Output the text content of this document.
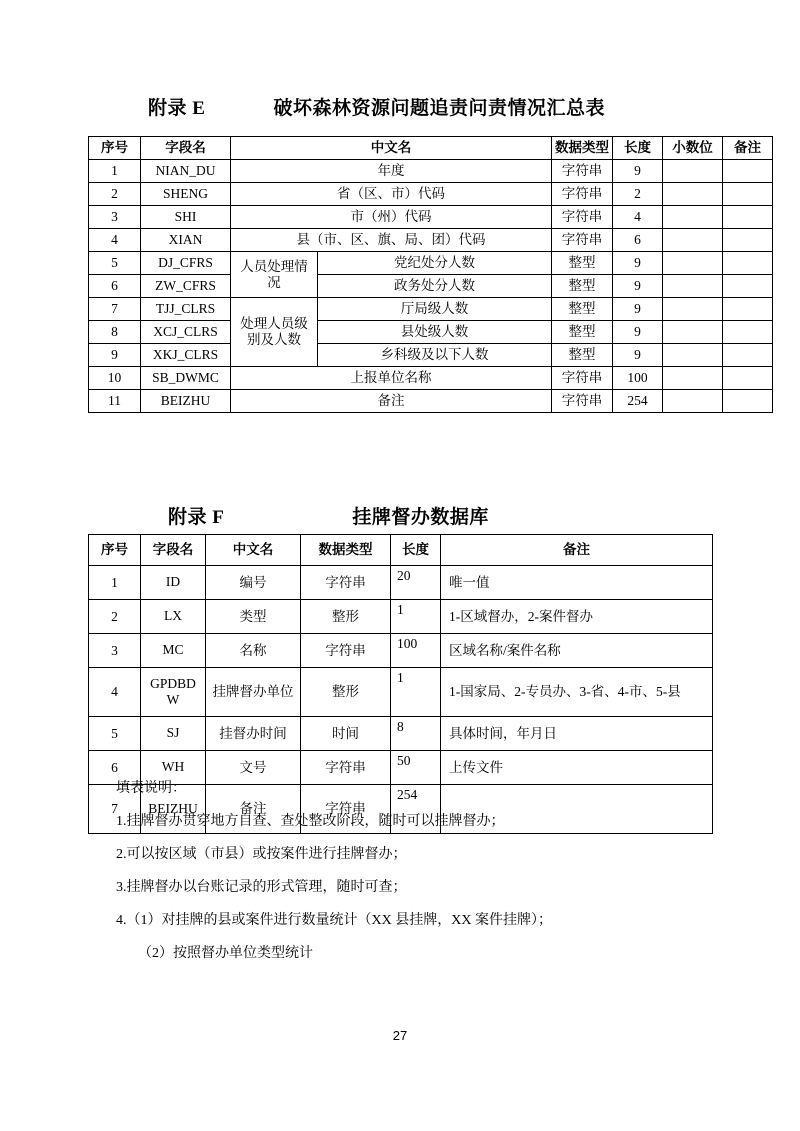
附录 E	破坏森林资源问题追责问责情况汇总表
序号	字段名	中文名		数据类型	长度	小数位	备注
1	NIAN_DU	年度		字符串	9		
2	SHENG	省（区、市）代码		字符串	2		
3	SHI	市（州）代码		字符串	4		
4	XIAN	县（市、区、旗、局、团）代码		字符串	6		
5	DJ_CFRS	人员处理情况	党纪处分人数	整型	9		
6	ZW_CFRS		政务处分人数	整型	9		
7	TJJ_CLRS	处理人员级别及人数	厅局级人数	整型	9		
8	XCJ_CLRS		县处级人数	整型	9		
9	XKJ_CLRS		乡科级及以下人数	整型	9		
10	SB_DWMC	上报单位名称		字符串	100		
11	BEIZHU	备注		字符串	254		
附录 F	挂牌督办数据库
序号	字段名	中文名	数据类型	长度	备注
1	ID	编号	字符串	20	唯一值
2	LX	类型	整形	1	1-区域督办，2-案件督办
3	MC	名称	字符串	100	区域名称/案件名称
4	GPDBDW	挂牌督办单位	整形	1	1-国家局、2-专员办、3-省、4-市、5-县
5	SJ	挂督办时间	时间	8	具体时间，年月日
6	WH	文号	字符串	50	上传文件
7	BEIZHU	备注	字符串	254	

填表说明：

1.挂牌督办贯穿地方自查、查处整改阶段，随时可以挂牌督办；

2.可以按区域（市县）或按案件进行挂牌督办；

3.挂牌督办以台账记录的形式管理，随时可查；

4.（1）对挂牌的县或案件进行数量统计（XX 县挂牌，XX 案件挂牌）；

（2）按照督办单位类型统计

27
